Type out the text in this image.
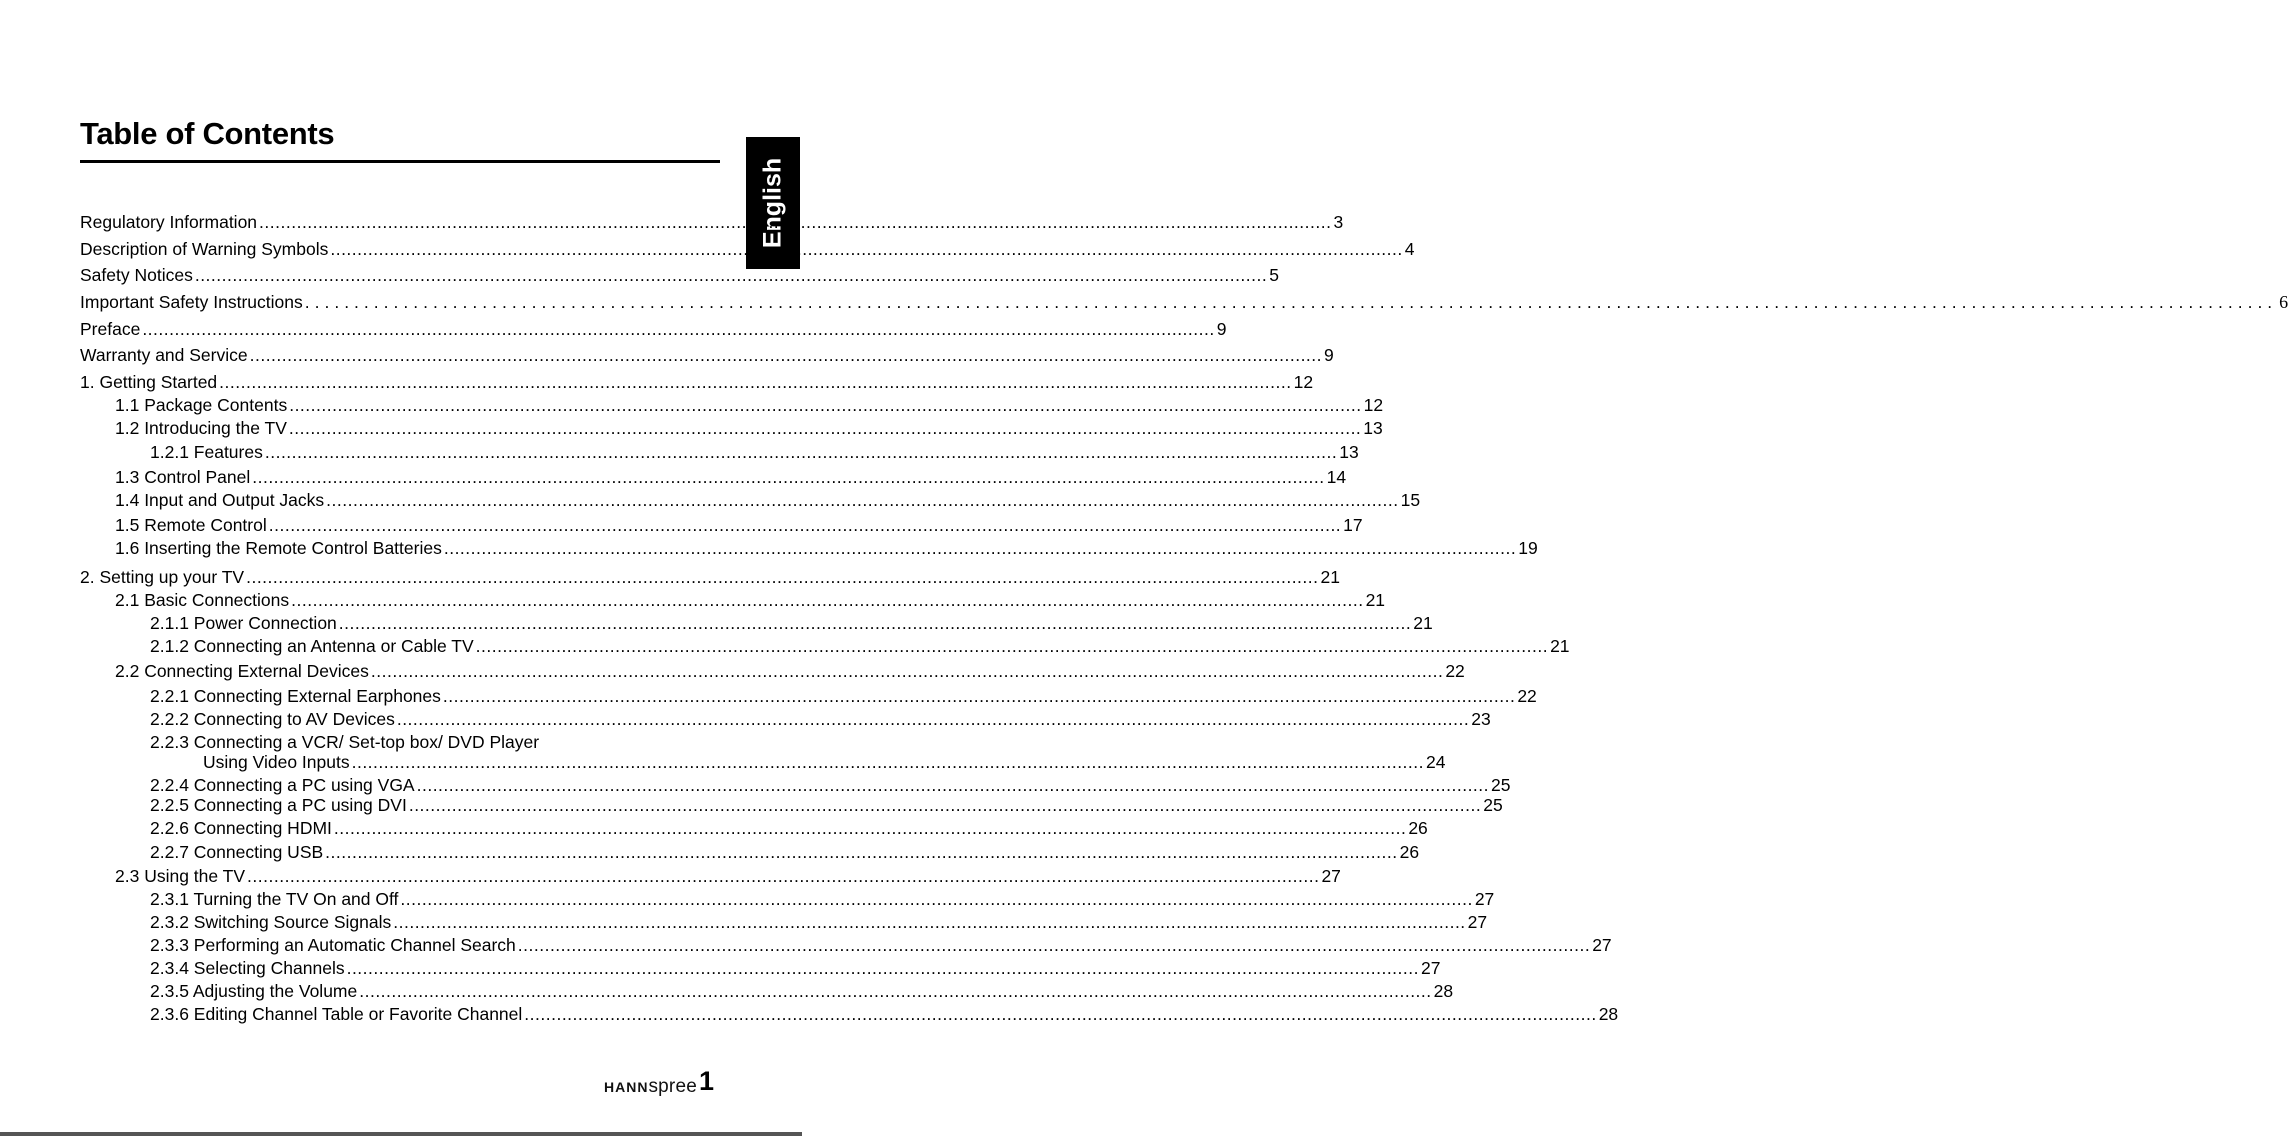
Table of Contents
English
Regulatory Information ........................................................................................................................................................................................................ 3
Description of Warning Symbols ........................................................................................................................................................................................................ 4
Safety Notices ........................................................................................................................................................................................................ 5
Important Safety Instructions ........................................................................................................................................................................................................ 6
Preface ........................................................................................................................................................................................................ 9
Warranty and Service ........................................................................................................................................................................................................ 9
1. Getting Started ........................................................................................................................................................................................................ 12
1.1 Package Contents ........................................................................................................................................................................................................ 12
1.2 Introducing the TV ........................................................................................................................................................................................................ 13
1.2.1 Features ........................................................................................................................................................................................................ 13
1.3 Control Panel ........................................................................................................................................................................................................ 14
1.4 Input and Output Jacks ........................................................................................................................................................................................................ 15
1.5 Remote Control ........................................................................................................................................................................................................ 17
1.6 Inserting the Remote Control Batteries ........................................................................................................................................................................................................ 19
2. Setting up your TV ........................................................................................................................................................................................................ 21
2.1 Basic Connections ........................................................................................................................................................................................................ 21
2.1.1 Power Connection ........................................................................................................................................................................................................ 21
2.1.2 Connecting an Antenna or Cable TV ........................................................................................................................................................................................................ 21
2.2 Connecting External Devices ........................................................................................................................................................................................................ 22
2.2.1 Connecting External Earphones ........................................................................................................................................................................................................ 22
2.2.2 Connecting to AV Devices ........................................................................................................................................................................................................ 23
2.2.3 Connecting a VCR/ Set-top box/ DVD Player
Using Video Inputs ........................................................................................................................................................................................................ 24
2.2.4 Connecting a PC using VGA ........................................................................................................................................................................................................ 25
2.2.5 Connecting a PC using DVI ........................................................................................................................................................................................................ 25
2.2.6 Connecting HDMI ........................................................................................................................................................................................................ 26
2.2.7 Connecting USB ........................................................................................................................................................................................................ 26
2.3 Using the TV ........................................................................................................................................................................................................ 27
2.3.1 Turning the TV On and Off ........................................................................................................................................................................................................ 27
2.3.2 Switching Source Signals ........................................................................................................................................................................................................ 27
2.3.3 Performing an Automatic Channel Search ........................................................................................................................................................................................................ 27
2.3.4 Selecting Channels ........................................................................................................................................................................................................ 27
2.3.5 Adjusting the Volume ........................................................................................................................................................................................................ 28
2.3.6 Editing Channel Table or Favorite Channel ........................................................................................................................................................................................................ 28
HANNspree 1
